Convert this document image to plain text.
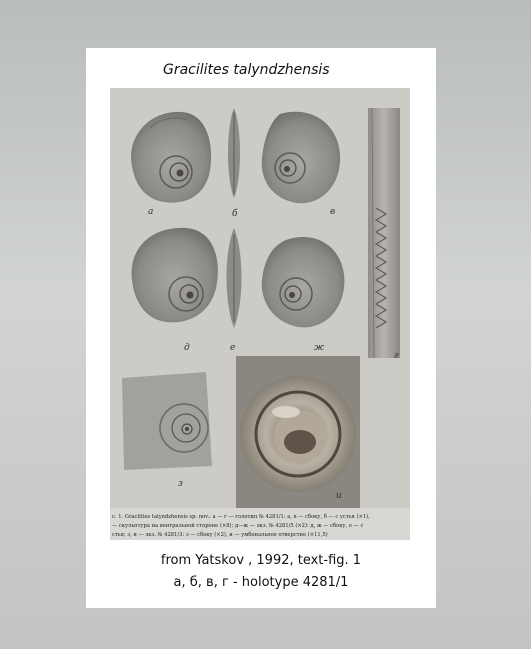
Gracilites talyndzhensis
а	б	в
г
д	е	ж
з
и
с. 1. Gracilites talyndzhensis sp. nov.: а — г — голотип № 4281/1: а, в — сбоку, б — с устья (×1),
— скульптура на вентральной стороне (×8); д—ж — экз. № 4281/5 (×2): д, ж — сбоку, е — с
стья; з, и — экз. № 4281/3: з — сбоку (×2), и — умбональное отверстие (×11,5)
from Yatskov , 1992, text-fig. 1
а, б, в, г - holotype 4281/1
